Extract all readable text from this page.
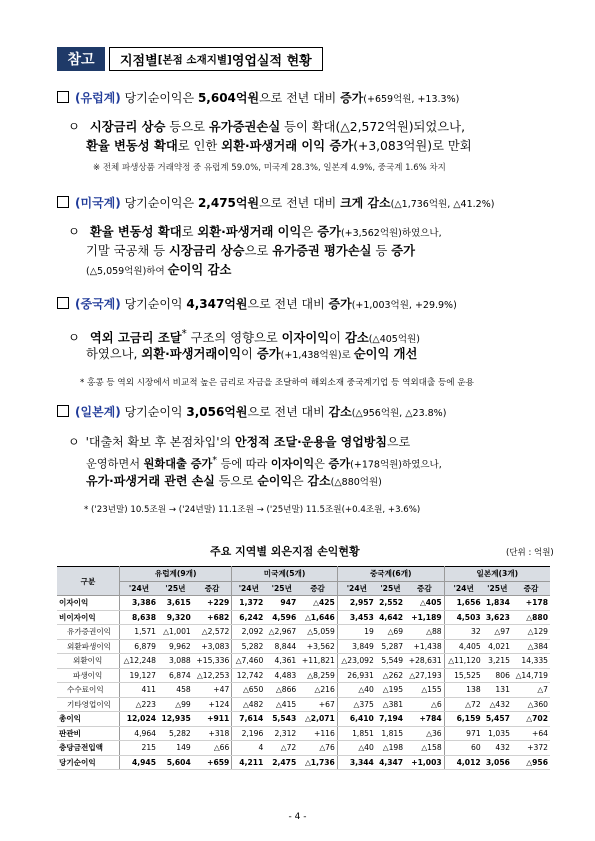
참고	지점별 [본점 소재지별] 영업실적 현황
(유럽계) 당기순이익은 5,604억원으로 전년 대비 증가(+659억원, +13.3%)
ㅇ 시장금리 상승 등으로 유가증권손실 등이 확대(△2,572억원)되었으나,
환율 변동성 확대로 인한 외환·파생거래 이익 증가(+3,083억원)로 만회
※ 전체 파생상품 거래약정 중 유럽계 59.0%, 미국계 28.3%, 일본계 4.9%, 중국계 1.6% 차지
(미국계) 당기순이익은 2,475억원으로 전년 대비 크게 감소(△1,736억원, △41.2%)
ㅇ 환율 변동성 확대로 외환·파생거래 이익은 증가(+3,562억원)하였으나,
기말 국공채 등 시장금리 상승으로 유가증권 평가손실 등 증가
(△5,059억원)하여 순이익 감소
(중국계) 당기순이익 4,347억원으로 전년 대비 증가(+1,003억원, +29.9%)
ㅇ 역외 고금리 조달* 구조의 영향으로 이자이익이 감소(△405억원)
하였으나, 외환·파생거래이익이 증가(+1,438억원)로 순이익 개선
* 홍콩 등 역외 시장에서 비교적 높은 금리로 자금을 조달하여 해외소재 중국계기업 등 역외대출 등에 운용
(일본계) 당기순이익 3,056억원으로 전년 대비 감소(△956억원, △23.8%)
ㅇ '대출처 확보 후 본점차입'의 안정적 조달·운용을 영업방침으로
운영하면서 원화대출 증가* 등에 따라 이자이익은 증가(+178억원)하였으나,
유가·파생거래 관련 손실 등으로 순이익은 감소(△880억원)
* ('23년말) 10.5조원 → ('24년말) 11.1조원 → ('25년말) 11.5조원(+0.4조원, +3.6%)
주요 지역별 외은지점 손익현황	(단위 : 억원)
구분	유럽계(9개)			미국계(5개)			중국계(6개)			일본계(3개)		
	'24년	'25년	증감	'24년	'25년	증감	'24년	'25년	증감	'24년	'25년	증감
이자이익	3,386	3,615	+229	1,372	947	△425	2,957	2,552	△405	1,656	1,834	+178
비이자이익	8,638	9,320	+682	6,242	4,596	△1,646	3,453	4,642	+1,189	4,503	3,623	△880
유가증권이익	1,571	△1,001	△2,572	2,092	△2,967	△5,059	19	△69	△88	32	△97	△129
외환파생이익	6,879	9,962	+3,083	5,282	8,844	+3,562	3,849	5,287	+1,438	4,405	4,021	△384
외환이익	△12,248	3,088	+15,336	△7,460	4,361	+11,821	△23,092	5,549	+28,631	△11,120	3,215	14,335
파생이익	19,127	6,874	△12,253	12,742	4,483	△8,259	26,931	△262	△27,193	15,525	806	△14,719
수수료이익	411	458	+47	△650	△866	△216	△40	△195	△155	138	131	△7
기타영업이익	△223	△99	+124	△482	△415	+67	△375	△381	△6	△72	△432	△360
총이익	12,024	12,935	+911	7,614	5,543	△2,071	6,410	7,194	+784	6,159	5,457	△702
판관비	4,964	5,282	+318	2,196	2,312	+116	1,851	1,815	△36	971	1,035	+64
충당금전입액	215	149	△66	4	△72	△76	△40	△198	△158	60	432	+372
당기순이익	4,945	5,604	+659	4,211	2,475	△1,736	3,344	4,347	+1,003	4,012	3,056	△956
- 4 -
